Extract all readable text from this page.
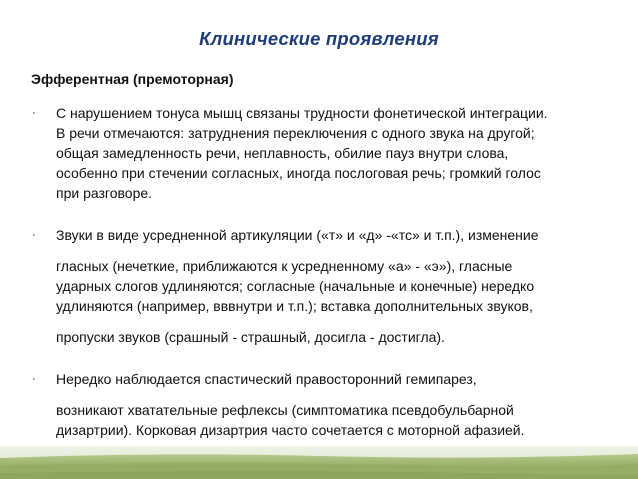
Клинические проявления

Эфферентная (премоторная)

· С нарушением тонуса мышц связаны трудности фонетической интеграции.
В речи отмечаются: затруднения переключения с одного звука на другой;
общая замедленность речи, неплавность, обилие пауз внутри слова,
особенно при стечении согласных, иногда послоговая речь; громкий голос
при разговоре.
· Звуки в виде усредненной артикуляции («т» и «д» -«тс» и т.п.), изменение
гласных (нечеткие, приближаются к усредненному «а» - «э»), гласные
ударных слогов удлиняются; согласные (начальные и конечные) нередко
удлиняются (например, вввнутри и т.п.); вставка дополнительных звуков,
пропуски звуков (срашный - страшный, досигла - достигла).
· Нередко наблюдается спастический правосторонний гемипарез,
возникают хватательные рефлексы (симптоматика псевдобульбарной
дизартрии). Корковая дизартрия часто сочетается с моторной афазией.
